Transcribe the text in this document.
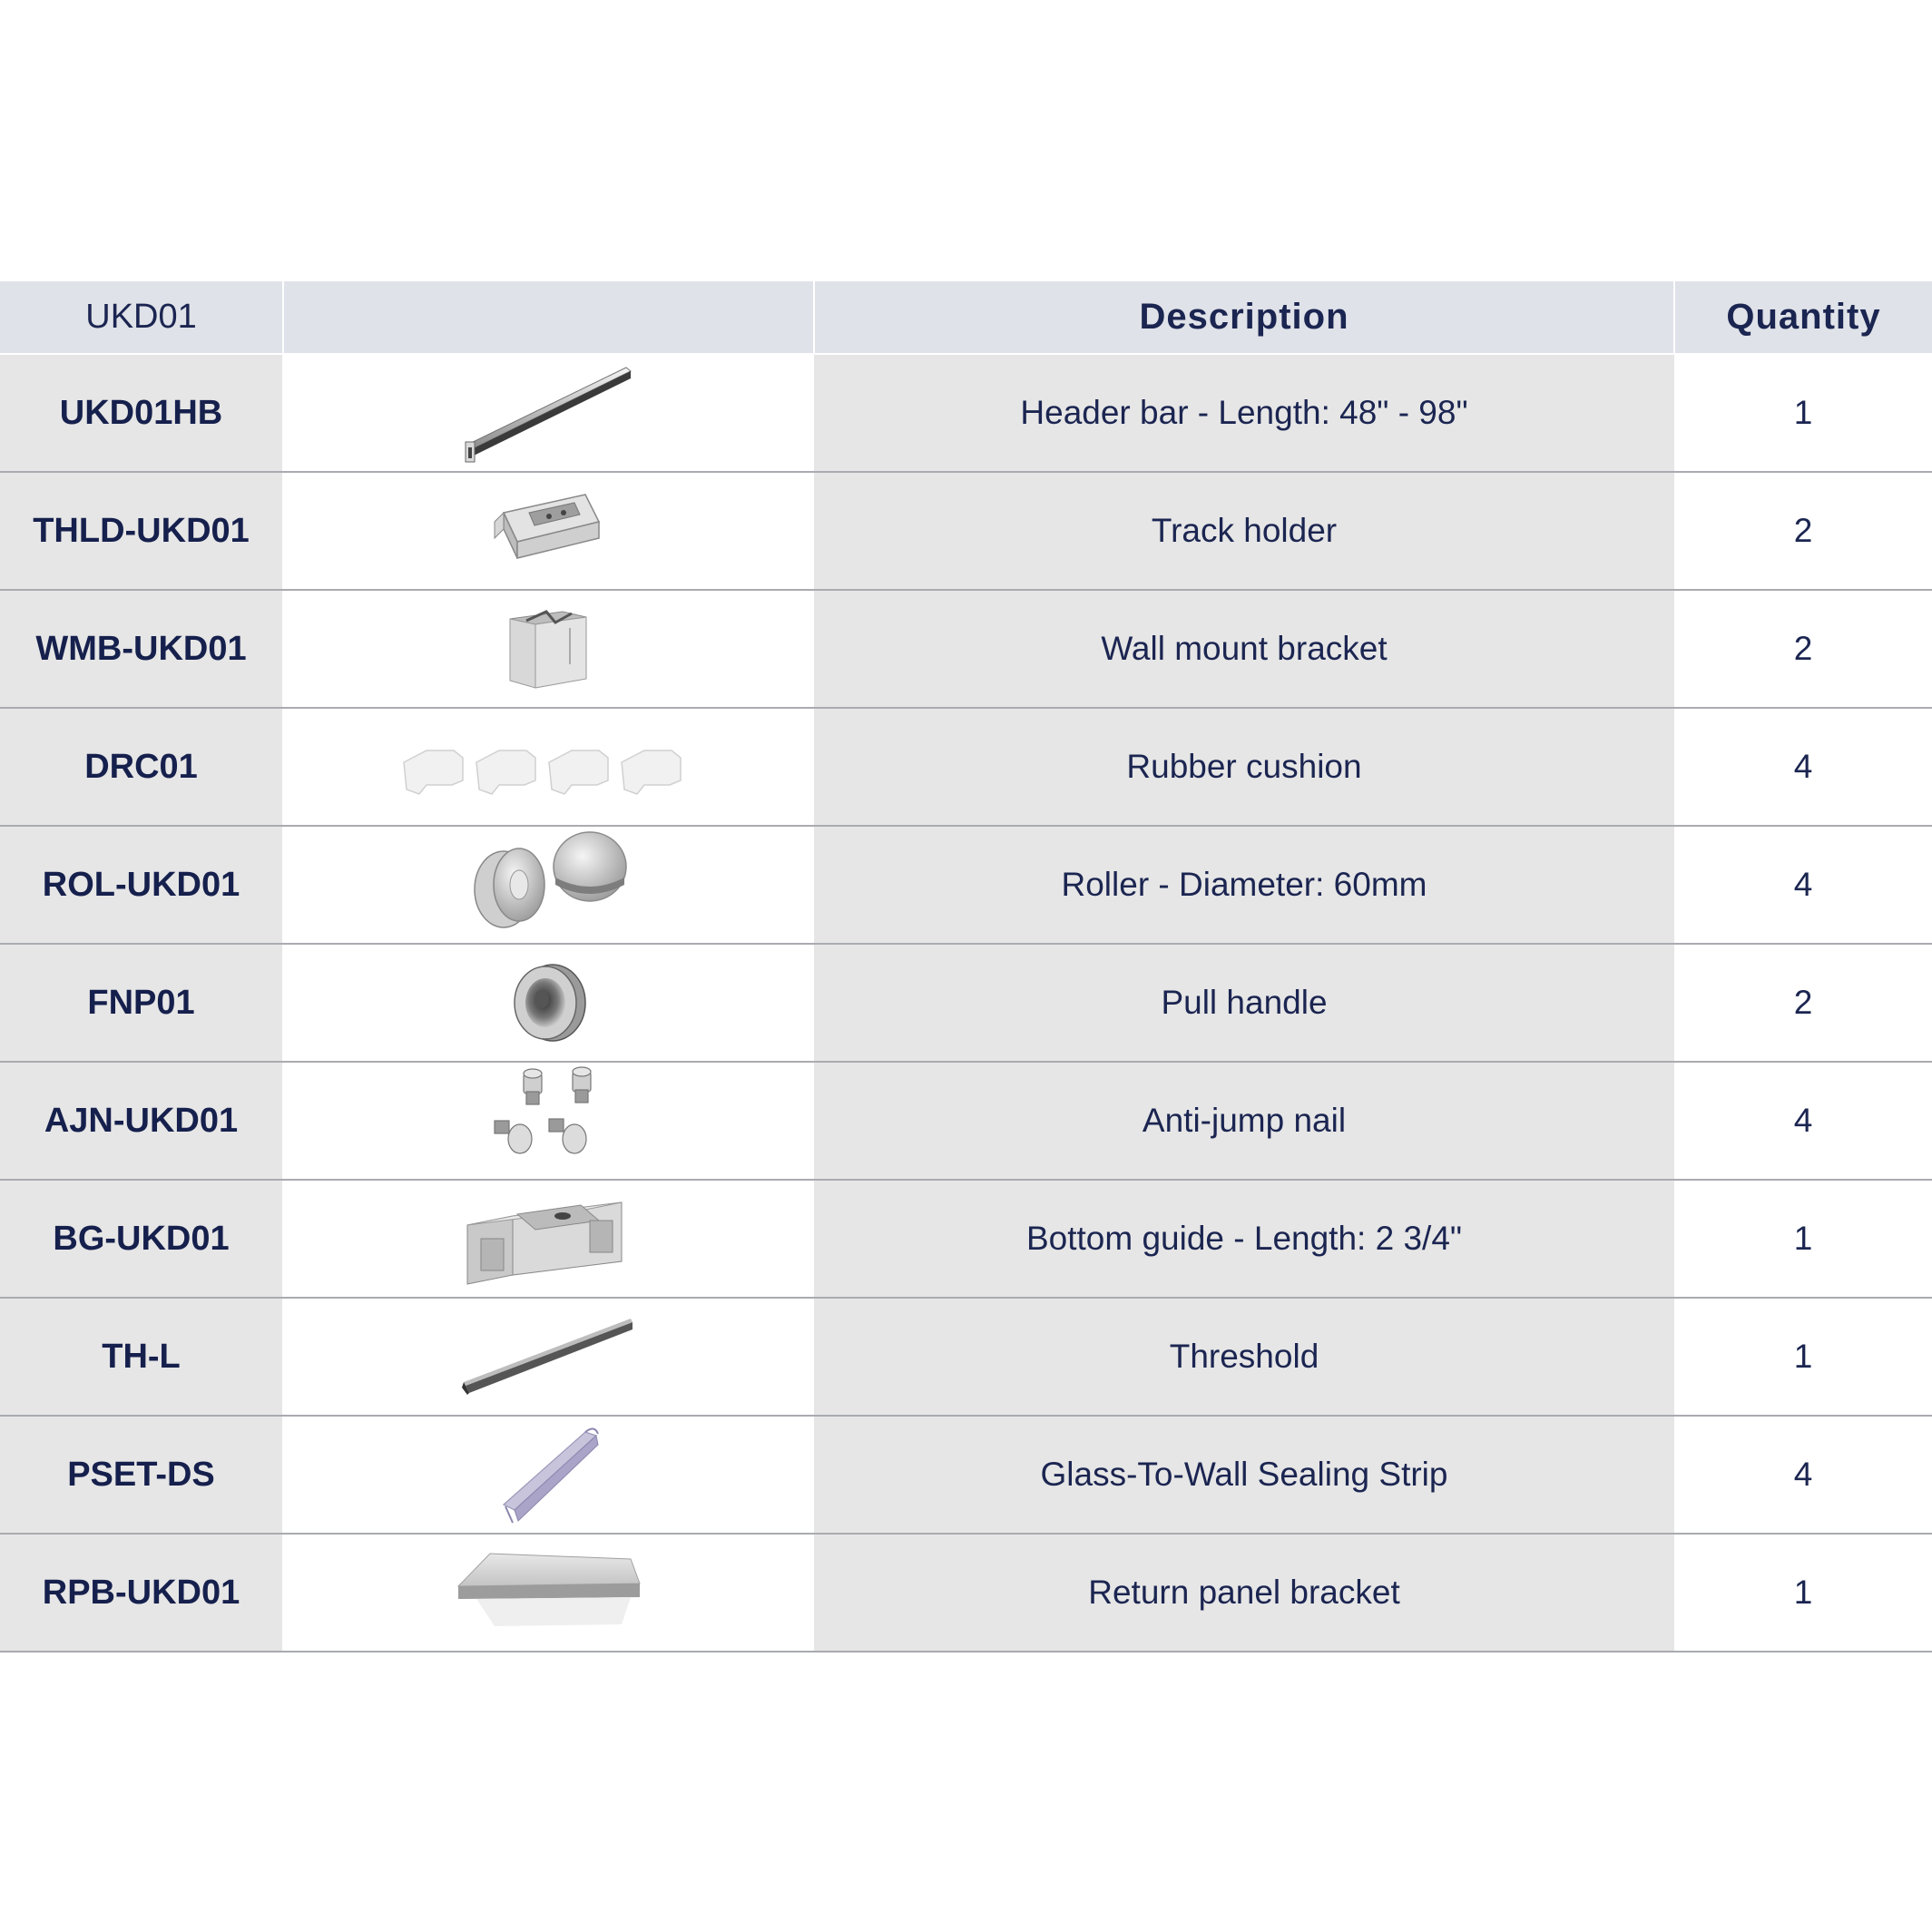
UKD01		Description	Quantity
UKD01HB		Header bar - Length: 48" - 98"	1
THLD-UKD01		Track holder	2
WMB-UKD01		Wall mount bracket	2
DRC01		Rubber cushion	4
ROL-UKD01		Roller - Diameter: 60mm	4
FNP01		Pull handle	2
AJN-UKD01		Anti-jump nail	4
BG-UKD01		Bottom guide - Length: 2 3/4"	1
TH-L		Threshold	1
PSET-DS		Glass-To-Wall Sealing Strip	4
RPB-UKD01		Return panel bracket	1
